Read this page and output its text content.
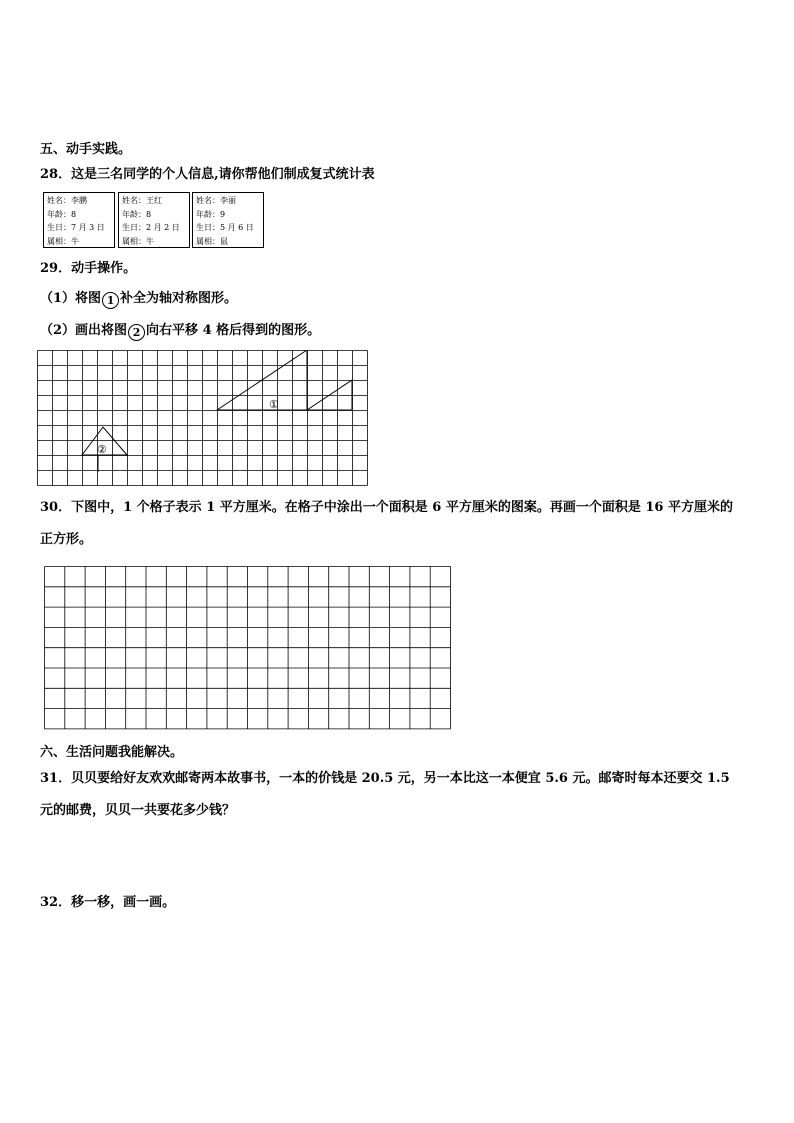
五、动手实践。
28．这是三名同学的个人信息,请你帮他们制成复式统计表
姓名：李鹏
年龄：8
生日：7 月 3 日
属相：牛
姓名：王红
年龄：8
生日：2 月 2 日
属相：牛
姓名：李丽
年龄：9
生日：5 月 6 日
属相：鼠
29．动手操作。
（1）将图 1 补全为轴对称图形。
（2）画出将图 2 向右平移 4 格后得到的图形。
①
②
30．下图中，1 个格子表示 1 平方厘米。在格子中涂出一个面积是 6 平方厘米的图案。再画一个面积是 16 平方厘米的
正方形。
六、生活问题我能解决。
31．贝贝要给好友欢欢邮寄两本故事书，一本的价钱是 20.5 元，另一本比这一本便宜 5.6 元。邮寄时每本还要交 1.5
元的邮费，贝贝一共要花多少钱？
32．移一移，画一画。
